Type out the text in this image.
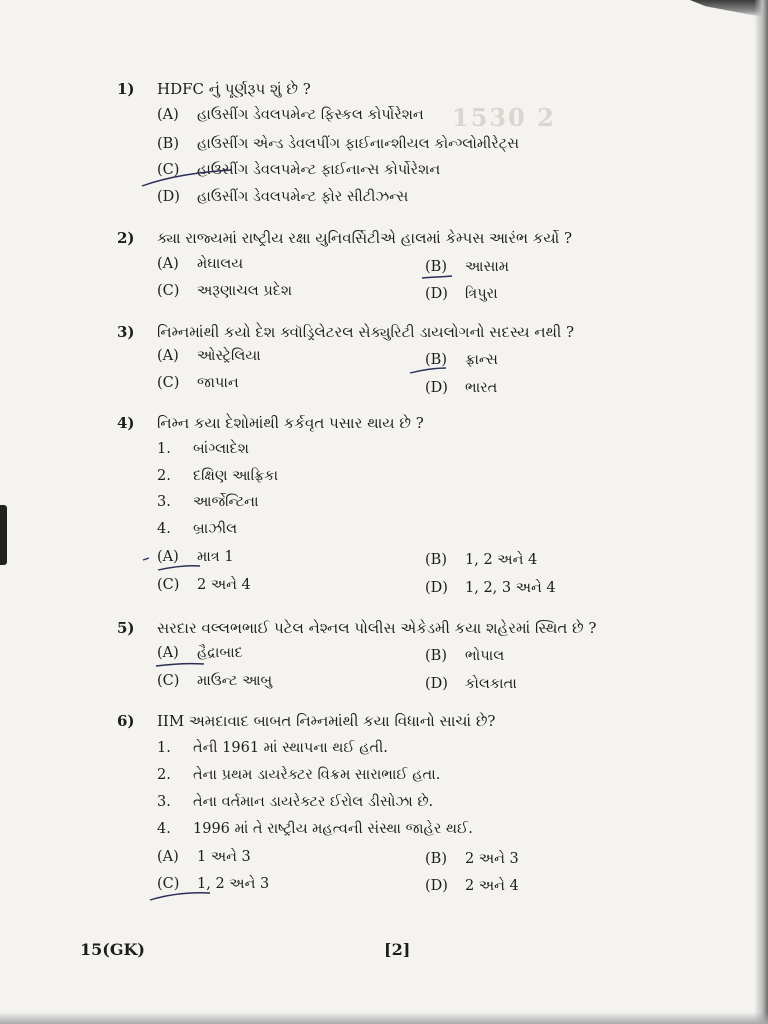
1530 2
1) HDFC નું પૂર્ણરૂપ શું છે ?
(A) હાઉસીંગ ડેવલપમેન્ટ ફિસ્કલ કોર્પોરેશન
(B) હાઉસીંગ એન્ડ ડેવલપીંગ ફાઈનાન્શીયલ કોન્ગ્લોમીરેટ્સ
(C) હાઉસીંગ ડેવલપમેન્ટ ફાઈનાન્સ કોર્પોરેશન
(D) હાઉસીંગ ડેવલપમેન્ટ ફોર સીટીઝન્સ
2) ક્યા રાજ્યમાં રાષ્ટ્રીય રક્ષા યુનિવર્સિટીએ હાલમાં કેમ્પસ આરંભ કર્યો ?
(A) મેઘાલય	(B) આસામ
(C) અરૂણાચલ પ્રદેશ	(D) ત્રિપુરા
3) નિમ્નમાંથી કયો દેશ ક્વૉડ્રિલેટરલ સેક્યુરિટી ડાયલોગનો સદસ્ય નથી ?
(A) ઓસ્ટ્રેલિયા	(B) ફ્રાન્સ
(C) જાપાન	(D) ભારત
4) નિમ્ન કયા દેશોમાંથી કર્કવૃત પસાર થાય છે ?
1. બાંગ્લાદેશ
2. દક્ષિણ આફ્રિકા
3. આર્જેન્ટિના
4. બ્રાઝીલ
(A) માત્ર 1	(B) 1, 2 અને 4
(C) 2 અને 4	(D) 1, 2, 3 અને 4
5) સરદાર વલ્લભભાઈ પટેલ નેશ્નલ પોલીસ એકેડમી કયા શહેરમાં સ્થિત છે ?
(A) હૈદ્રાબાદ	(B) ભોપાલ
(C) માઉન્ટ આબુ	(D) કોલકાતા
6) IIM અમદાવાદ બાબત નિમ્નમાંથી કયા વિધાનો સાચાં છે?
1. તેની 1961 માં સ્થાપના થઈ હતી.
2. તેના પ્રથમ ડાયરેક્ટર વિક્રમ સારાભાઈ હતા.
3. તેના વર્તમાન ડાયરેક્ટર ઈરોલ ડીસોઝા છે.
4. 1996 માં તે રાષ્ટ્રીય મહત્વની સંસ્થા જાહેર થઈ.
(A) 1 અને 3	(B) 2 અને 3
(C) 1, 2 અને 3	(D) 2 અને 4
15(GK)	[2]
